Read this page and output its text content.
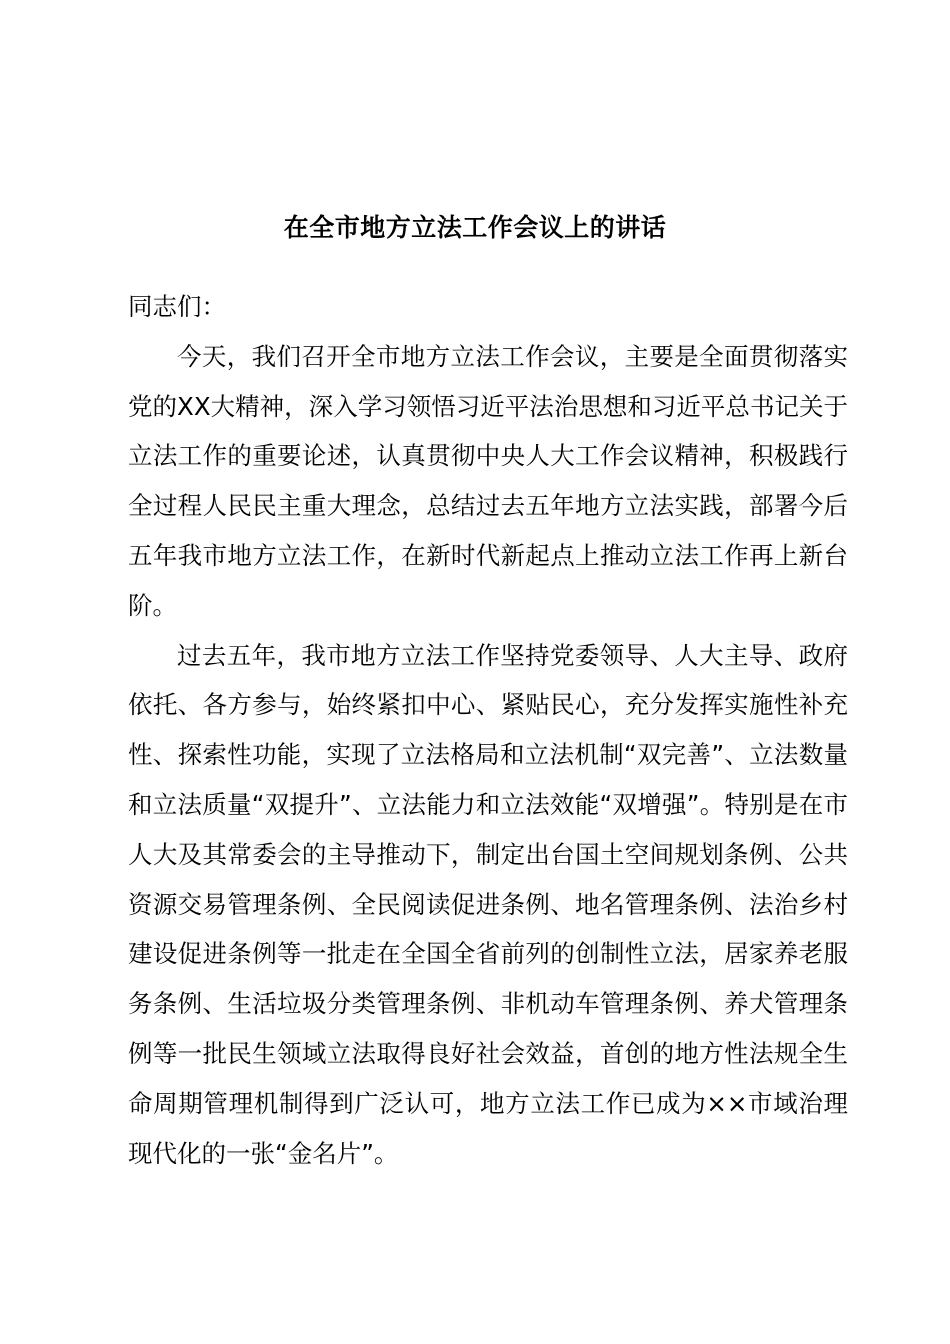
在全市地方立法工作会议上的讲话

同志们：

今天，我们召开全市地方立法工作会议，主要是全面贯彻落实党的XX大精神，深入学习领悟习近平法治思想和习近平总书记关于立法工作的重要论述，认真贯彻中央人大工作会议精神，积极践行全过程人民民主重大理念，总结过去五年地方立法实践，部署今后五年我市地方立法工作，在新时代新起点上推动立法工作再上新台阶。

过去五年，我市地方立法工作坚持党委领导、人大主导、政府依托、各方参与，始终紧扣中心、紧贴民心，充分发挥实施性补充性、探索性功能，实现了立法格局和立法机制“双完善”、立法数量和立法质量“双提升”、立法能力和立法效能“双增强”。特别是在市人大及其常委会的主导推动下，制定出台国土空间规划条例、公共资源交易管理条例、全民阅读促进条例、地名管理条例、法治乡村建设促进条例等一批走在全国全省前列的创制性立法，居家养老服务条例、生活垃圾分类管理条例、非机动车管理条例、养犬管理条例等一批民生领域立法取得良好社会效益，首创的地方性法规全生命周期管理机制得到广泛认可，地方立法工作已成为××市域治理现代化的一张“金名片”。
